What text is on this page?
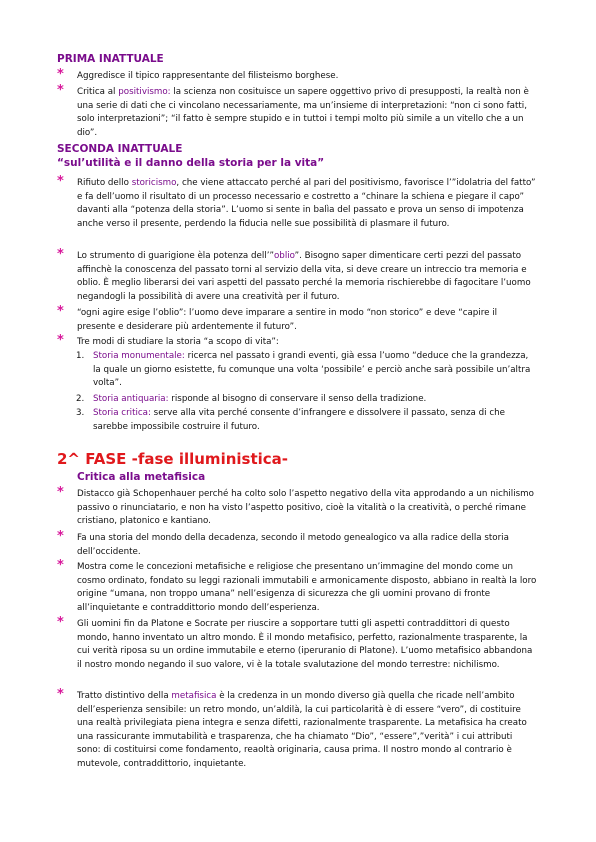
PRIMA INATTUALE
*	Aggredisce il tipico rappresentante del filisteismo borghese.
*	Critica al positivismo: la scienza non cosituisce un sapere oggettivo privo di presupposti, la realtà non è una serie di dati che ci vincolano necessariamente, ma un’insieme di interpretazioni: “non ci sono fatti, solo interpretazioni”; “il fatto è sempre stupido e in tuttoi i tempi molto più simile a un vitello che a un dio”.
SECONDA INATTUALE
“sul’utilità e il danno della storia per la vita”
*	Rifiuto dello storicismo, che viene attaccato perché al pari del positivismo, favorisce l’”idolatria del fatto” e fa dell’uomo il risultato di un processo necessario e costretto a “chinare la schiena e piegare il capo” davanti alla “potenza della storia”. L’uomo si sente in balìa del passato e prova un senso di impotenza anche verso il presente, perdendo la fiducia nelle sue possibilità di plasmare il futuro.
*	Lo strumento di guarigione èla potenza dell’”oblio”. Bisogno saper dimenticare certi pezzi del passato affinchè la conoscenza del passato torni al servizio della vita, si deve creare un intreccio tra memoria e oblio. È meglio liberarsi dei vari aspetti del passato perché la memoria rischierebbe di fagocitare l’uomo negandogli la possibilità di avere una creatività per il futuro.
*	“ogni agire esige l’oblio”: l’uomo deve imparare a sentire in modo “non storico” e deve “capire il presente e desiderare più ardentemente il futuro”.
*	Tre modi di studiare la storia “a scopo di vita”:
1. Storia monumentale: ricerca nel passato i grandi eventi, già essa l’uomo “deduce che la grandezza, la quale un giorno esistette, fu comunque una volta ‘possibile’ e perciò anche sarà possibile un’altra volta”.
2. Storia antiquaria: risponde al bisogno di conservare il senso della tradizione.
3. Storia critica: serve alla vita perché consente d’infrangere e dissolvere il passato, senza di che sarebbe impossibile costruire il futuro.
2^ FASE -fase illuministica-
Critica alla metafisica
*	Distacco già Schopenhauer perché ha colto solo l’aspetto negativo della vita approdando a un nichilismo passivo o rinunciatario, e non ha visto l’aspetto positivo, cioè la vitalità o la creatività, o perché rimane cristiano, platonico e kantiano.
*	Fa una storia del mondo della decadenza, secondo il metodo genealogico va alla radice della storia dell’occidente.
*	Mostra come le concezioni metafisiche e religiose che presentano un’immagine del mondo come un cosmo ordinato, fondato su leggi razionali immutabili e armonicamente disposto, abbiano in realtà la loro origine “umana, non troppo umana” nell’esigenza di sicurezza che gli uomini provano di fronte all’inquietante e contraddittorio mondo dell’esperienza.
*	Gli uomini fin da Platone e Socrate per riuscire a sopportare tutti gli aspetti contraddittori di questo mondo, hanno inventato un altro mondo. È il mondo metafisico, perfetto, razionalmente trasparente, la cui verità riposa su un ordine immutabile e eterno (iperuranio di Platone). L’uomo metafisico abbandona il nostro mondo negando il suo valore, vi è la totale svalutazione del mondo terrestre: nichilismo.
*	Tratto distintivo della metafisica è la credenza in un mondo diverso già quella che ricade nell’ambito dell’esperienza sensibile: un retro mondo, un’aldilà, la cui particolarità è di essere “vero”, di costituire una realtà privilegiata piena integra e senza difetti, razionalmente trasparente. La metafisica ha creato una rassicurante immutabilità e trasparenza, che ha chiamato “Dio”, “essere”,”verità” i cui attributi sono: di costituirsi come fondamento, reaoltà originaria, causa prima. Il nostro mondo al contrario è mutevole, contraddittorio, inquietante.
